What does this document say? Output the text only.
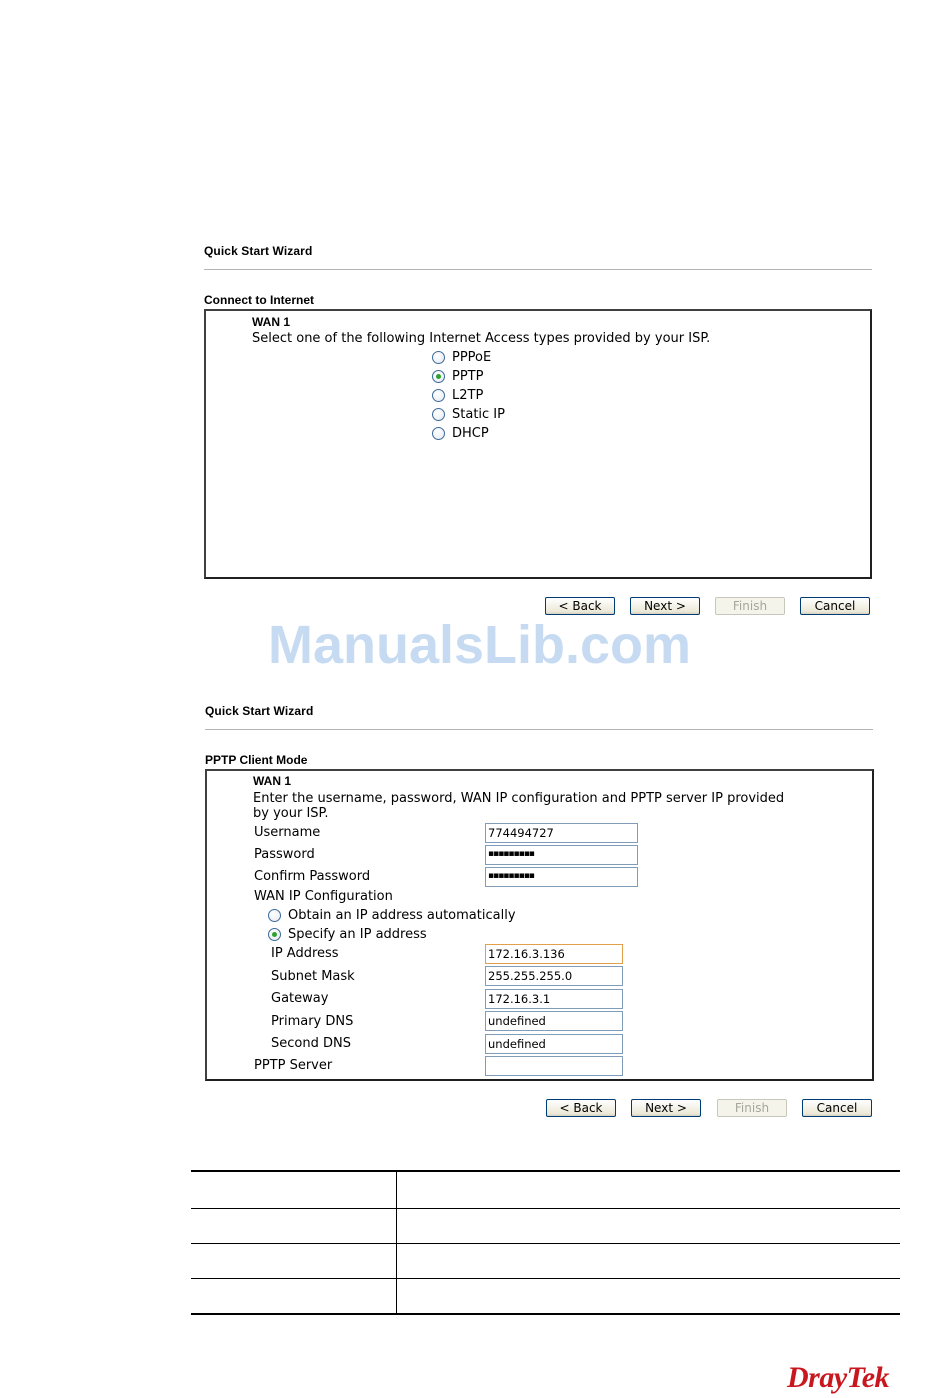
Quick Start Wizard
Connect to Internet
WAN 1
Select one of the following Internet Access types provided by your ISP.
PPPoE
PPTP
L2TP
Static IP
DHCP
< Back	Next >	Finish	Cancel
ManualsLib.com
Quick Start Wizard
PPTP Client Mode
WAN 1
Enter the username, password, WAN IP configuration and PPTP server IP provided
by your ISP.
Username	774494727
Password	▪▪▪▪▪▪▪▪▪
Confirm Password	▪▪▪▪▪▪▪▪▪
WAN IP Configuration
Obtain an IP address automatically
Specify an IP address
IP Address	172.16.3.136
Subnet Mask	255.255.255.0
Gateway	172.16.3.1
Primary DNS	undefined
Second DNS	undefined
PPTP Server
< Back	Next >	Finish	Cancel
DrayTek
